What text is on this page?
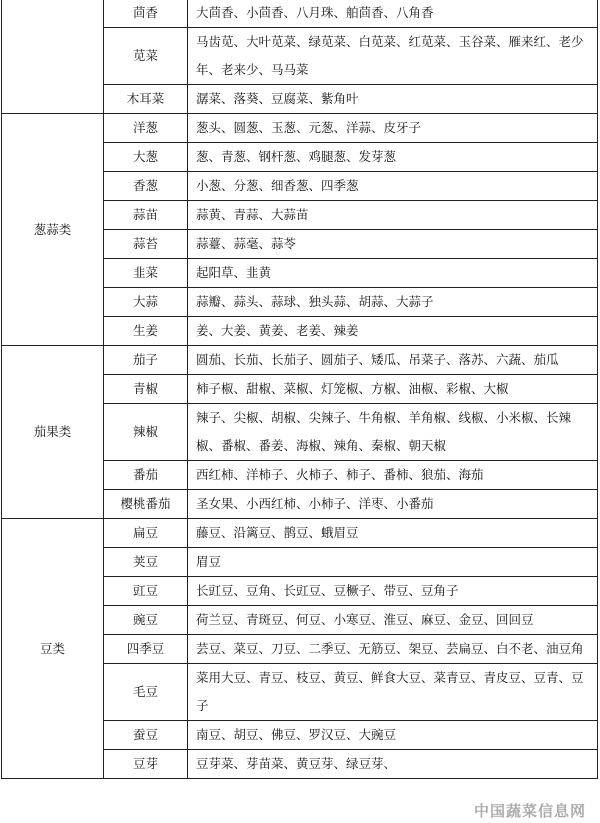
	茴香	大茴香、小茴香、八月珠、舶茴香、八角香
	苋菜	马齿苋、大叶苋菜、绿苋菜、白苋菜、红苋菜、玉谷菜、雁来红、老少年、老来少、马马菜
	木耳菜	潺菜、落葵、豆腐菜、紫角叶
葱蒜类	洋葱	葱头、圆葱、玉葱、元葱、洋蒜、皮牙子
	大葱	葱、青葱、钢杆葱、鸡腿葱、发芽葱
	香葱	小葱、分葱、细香葱、四季葱
	蒜苗	蒜黄、青蒜、大蒜苗
	蒜苔	蒜薹、蒜毫、蒜苓
	韭菜	起阳草、韭黄
	大蒜	蒜瓣、蒜头、蒜球、独头蒜、胡蒜、大蒜子
	生姜	姜、大姜、黄姜、老姜、辣姜
茄果类	茄子	圆茄、长茄、长茄子、圆茄子、矮瓜、吊菜子、落苏、六蔬、茄瓜
	青椒	柿子椒、甜椒、菜椒、灯笼椒、方椒、油椒、彩椒、大椒
	辣椒	辣子、尖椒、胡椒、尖辣子、牛角椒、羊角椒、线椒、小米椒、长辣椒、番椒、番姜、海椒、辣角、秦椒、朝天椒
	番茄	西红柿、洋柿子、火柿子、柿子、番柿、狼茄、海茄
	樱桃番茄	圣女果、小西红柿、小柿子、洋枣、小番茄
豆类	扁豆	藤豆、沿篱豆、鹊豆、蛾眉豆
	荚豆	眉豆
	豇豆	长豇豆、豆角、长豇豆、豆橛子、带豆、豆角子
	豌豆	荷兰豆、青斑豆、何豆、小寒豆、淮豆、麻豆、金豆、回回豆
	四季豆	芸豆、菜豆、刀豆、二季豆、无筋豆、架豆、芸扁豆、白不老、油豆角
	毛豆	菜用大豆、青豆、枝豆、黄豆、鲜食大豆、菜青豆、青皮豆、豆青、豆子
	蚕豆	南豆、胡豆、佛豆、罗汉豆、大豌豆
	豆芽	豆芽菜、芽苗菜、黄豆芽、绿豆芽、
中国蔬菜信息网
